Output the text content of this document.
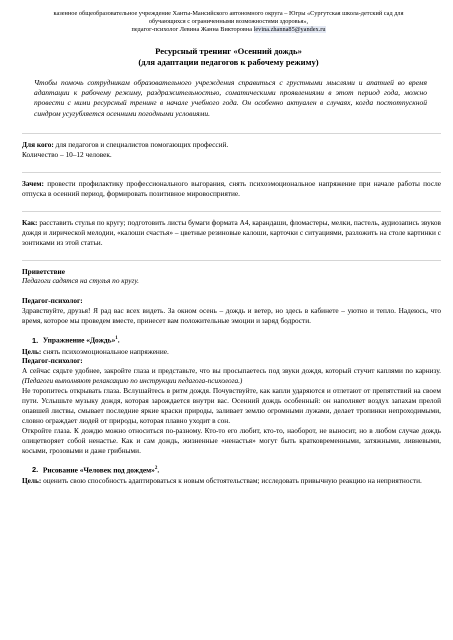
казенное общеобразовательное учреждение Ханты-Мансийского автономного округа – Югры «Сургутская школа-детский сад для
обучающихся с ограниченными возможностями здоровья»,
педагог-психолог Левина Жанна Викторовна levina.zhanna85@yandex.ru
Ресурсный тренинг «Осенний дождь»
(для адаптации педагогов к рабочему режиму)

Чтобы помочь сотрудникам образовательного учреждения справиться с грустными мыслями и апатией во время адаптации к рабочему режиму, раздражительностью, соматическими проявлениями в этот период года, можно провести с ними ресурсный тренинг в начале учебного года. Он особенно актуален в случаях, когда постотпускной синдром усугубляется осенними погодными условиями.

Для кого: для педагогов и специалистов помогающих профессий.

Количество – 10–12 человек.

Зачем: провести профилактику профессионального выгорания, снять психоэмоциональное напряжение при начале работы после отпуска в осенний период, формировать позитивное мировосприятие.

Как: расставить стулья по кругу; подготовить листы бумаги формата А4, карандаши, фломастеры, мелки, пастель, аудиозапись звуков дождя и лирической мелодии, «калоши счастья» – цветные резиновые калоши, карточки с ситуациями, разложить на столе картинки с зонтиками из этой статьи.

Приветствие

Педагоги садятся на стулья по кругу.

Педагог-психолог:

Здравствуйте, друзья! Я рад вас всех видеть. За окном осень – дождь и ветер, но здесь в кабинете – уютно и тепло. Надеюсь, что время, которое мы проведем вместе, принесет вам положительные эмоции и заряд бодрости.

1. Упражнение «Дождь»$^1$.

Цель: снять психоэмоциональное напряжение.

Педагог-психолог:

А сейчас сядьте удобнее, закройте глаза и представьте, что вы просыпаетесь под звуки дождя, который стучит каплями по карнизу. (Педагоги выполняют релаксацию по инструкции педагога-психолога.)

Не торопитесь открывать глаза. Вслушайтесь в ритм дождя. Почувствуйте, как капли ударяются и отлетают от препятствий на своем пути. Услышьте музыку дождя, которая зарождается внутри вас. Осенний дождь особенный: он наполняет воздух запахам прелой опавшей листвы, смывает последние яркие краски природы, заливает землю огромными лужами, делает тропинки непроходимыми, словно ограждает людей от природы, которая плавно уходит в сон.

Откройте глаза. К дождю можно относиться по-разному. Кто-то его любит, кто-то, наоборот, не выносит, но в любом случае дождь олицетворяет собой ненастье. Как и сам дождь, жизненные «ненастья» могут быть кратковременными, затяжными, ливневыми, косыми, грозовыми и даже грибными.

2. Рисование «Человек под дождем»$^2$.

Цель: оценить свою способность адаптироваться к новым обстоятельствам; исследовать привычную реакцию на неприятности.
